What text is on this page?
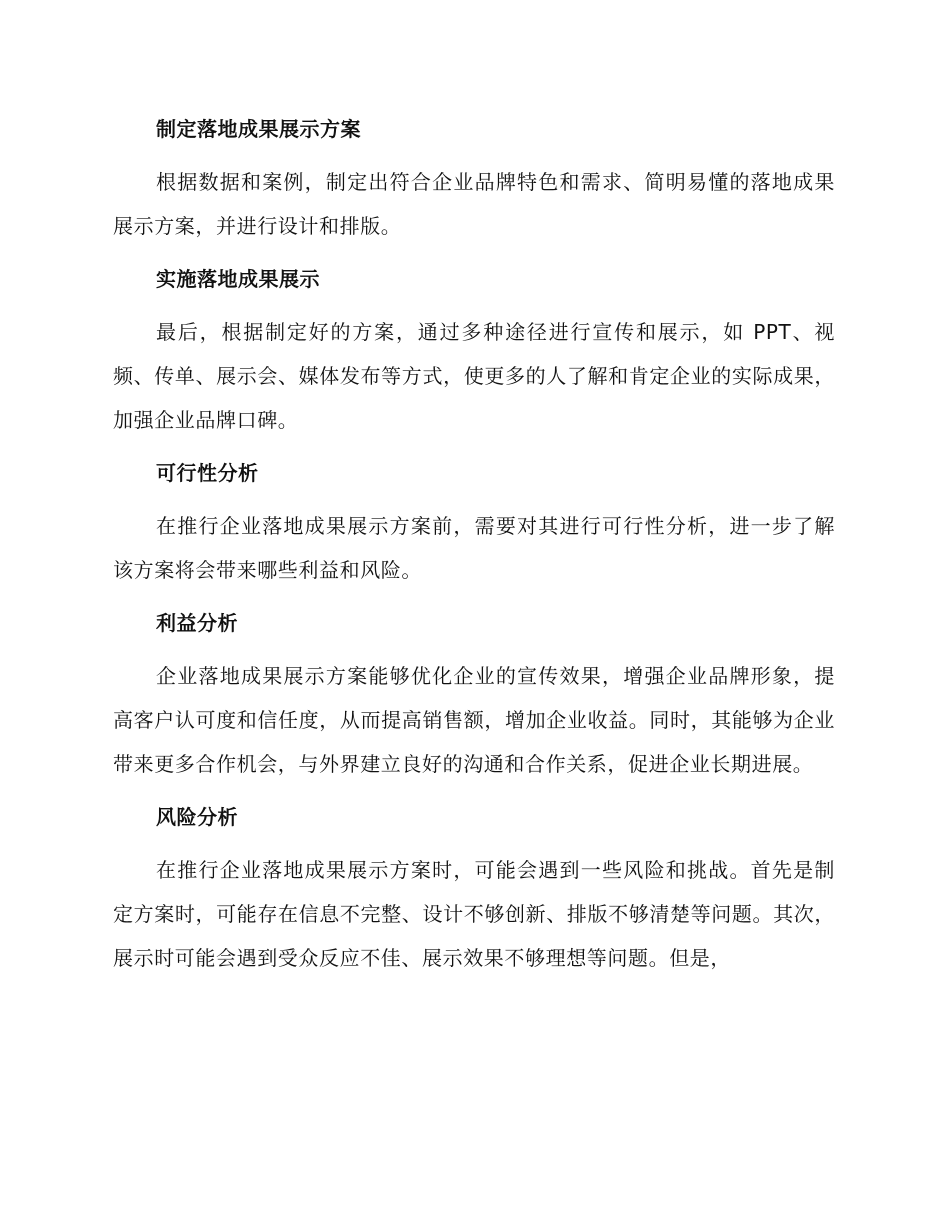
制定落地成果展示方案

根据数据和案例，制定出符合企业品牌特色和需求、简明易懂的落地成果展示方案，并进行设计和排版。

实施落地成果展示

最后，根据制定好的方案，通过多种途径进行宣传和展示，如 PPT、视频、传单、展示会、媒体发布等方式，使更多的人了解和肯定企业的实际成果，加强企业品牌口碑。

可行性分析

在推行企业落地成果展示方案前，需要对其进行可行性分析，进一步了解该方案将会带来哪些利益和风险。

利益分析

企业落地成果展示方案能够优化企业的宣传效果，增强企业品牌形象，提高客户认可度和信任度，从而提高销售额，增加企业收益。同时，其能够为企业带来更多合作机会，与外界建立良好的沟通和合作关系，促进企业长期进展。

风险分析

在推行企业落地成果展示方案时，可能会遇到一些风险和挑战。首先是制定方案时，可能存在信息不完整、设计不够创新、排版不够清楚等问题。其次，展示时可能会遇到受众反应不佳、展示效果不够理想等问题。但是，
